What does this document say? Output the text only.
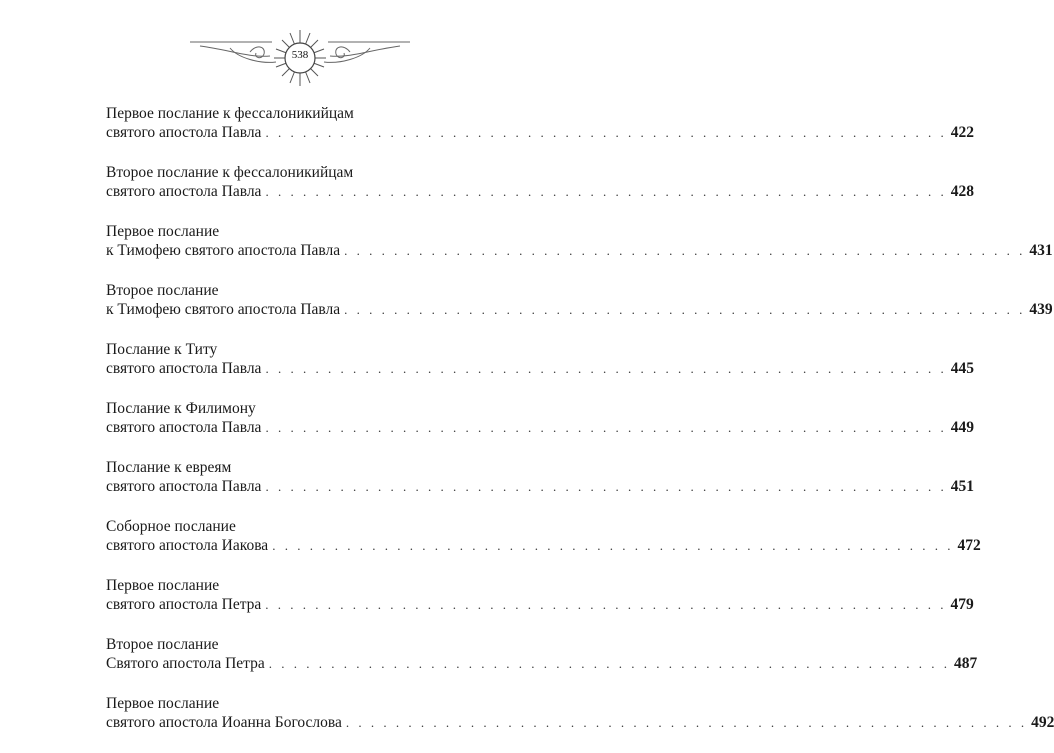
538
Первое послание к фессалоникийцам
святого апостола Павла . . . . . . . . . . . . . . . . . . . . . . . . . . . . . . . . . . . . . . . . . . . . . . . . . . . . . . . 422
Второе послание к фессалоникийцам
святого апостола Павла . . . . . . . . . . . . . . . . . . . . . . . . . . . . . . . . . . . . . . . . . . . . . . . . . . . . . . . 428
Первое послание
к Тимофею святого апостола Павла . . . . . . . . . . . . . . . . . . . . . . . . . . . . . . . . . . . . . . . . . . . . . . . . . . . . . . . 431
Второе послание
к Тимофею святого апостола Павла . . . . . . . . . . . . . . . . . . . . . . . . . . . . . . . . . . . . . . . . . . . . . . . . . . . . . . . 439
Послание к Титу
святого апостола Павла . . . . . . . . . . . . . . . . . . . . . . . . . . . . . . . . . . . . . . . . . . . . . . . . . . . . . . . 445
Послание к Филимону
святого апостола Павла . . . . . . . . . . . . . . . . . . . . . . . . . . . . . . . . . . . . . . . . . . . . . . . . . . . . . . . 449
Послание к евреям
святого апостола Павла . . . . . . . . . . . . . . . . . . . . . . . . . . . . . . . . . . . . . . . . . . . . . . . . . . . . . . . 451
Соборное послание
святого апостола Иакова . . . . . . . . . . . . . . . . . . . . . . . . . . . . . . . . . . . . . . . . . . . . . . . . . . . . . . . 472
Первое послание
святого апостола Петра . . . . . . . . . . . . . . . . . . . . . . . . . . . . . . . . . . . . . . . . . . . . . . . . . . . . . . . 479
Второе послание
Святого апостола Петра . . . . . . . . . . . . . . . . . . . . . . . . . . . . . . . . . . . . . . . . . . . . . . . . . . . . . . . 487
Первое послание
святого апостола Иоанна Богослова . . . . . . . . . . . . . . . . . . . . . . . . . . . . . . . . . . . . . . . . . . . . . . . . . . . . . . . 492
